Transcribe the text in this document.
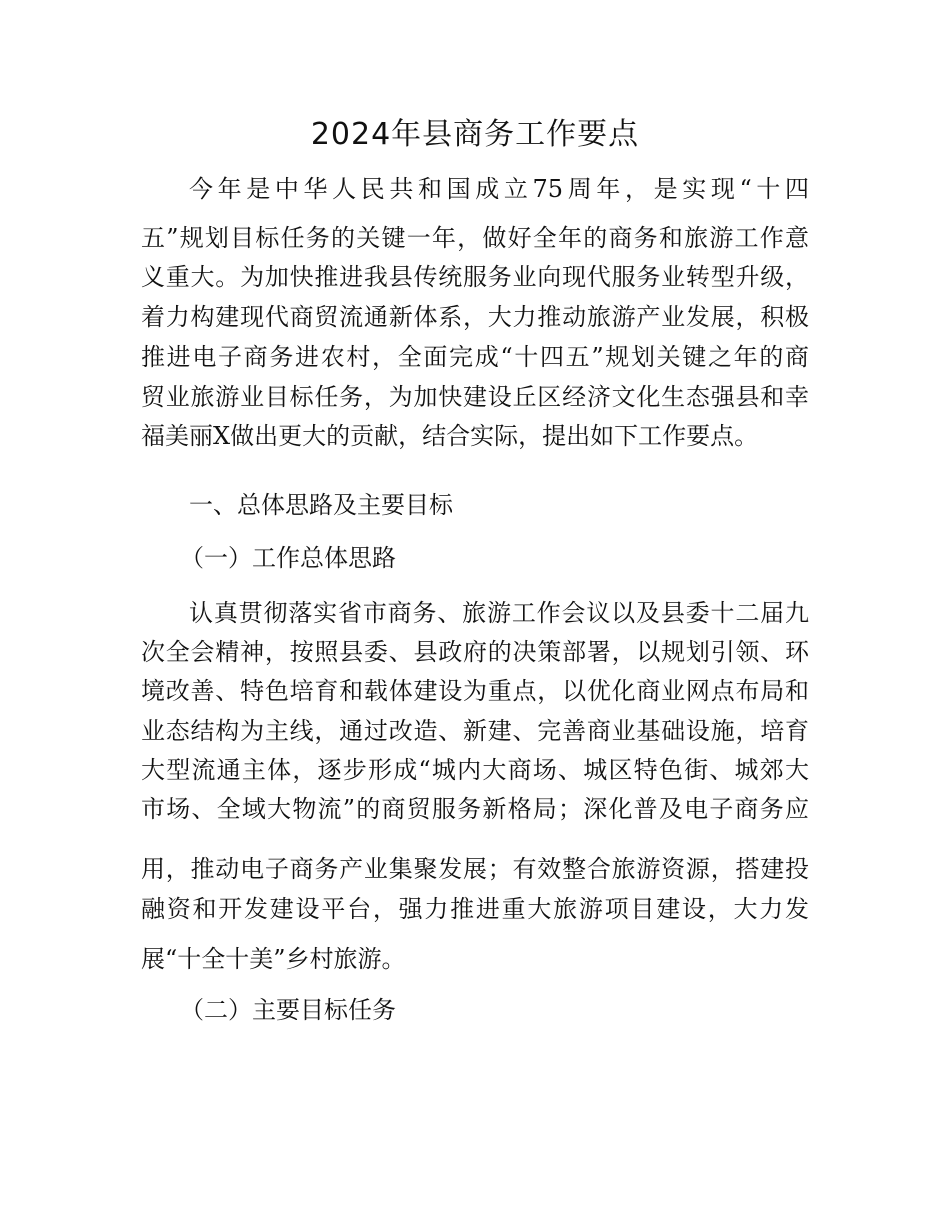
2024年县商务工作要点
今年是中华人民共和国成立75周年，是实现“十四
五”规划目标任务的关键一年，做好全年的商务和旅游工作意
义重大。为加快推进我县传统服务业向现代服务业转型升级，
着力构建现代商贸流通新体系，大力推动旅游产业发展，积极
推进电子商务进农村，全面完成“十四五”规划关键之年的商
贸业旅游业目标任务，为加快建设丘区经济文化生态强县和幸
福美丽X做出更大的贡献，结合实际，提出如下工作要点。
一、总体思路及主要目标
（一）工作总体思路
认真贯彻落实省市商务、旅游工作会议以及县委十二届九
次全会精神，按照县委、县政府的决策部署，以规划引领、环
境改善、特色培育和载体建设为重点，以优化商业网点布局和
业态结构为主线，通过改造、新建、完善商业基础设施，培育
大型流通主体，逐步形成“城内大商场、城区特色街、城郊大
市场、全域大物流”的商贸服务新格局；深化普及电子商务应
用，推动电子商务产业集聚发展；有效整合旅游资源，搭建投
融资和开发建设平台，强力推进重大旅游项目建设，大力发
展“十全十美”乡村旅游。
（二）主要目标任务
